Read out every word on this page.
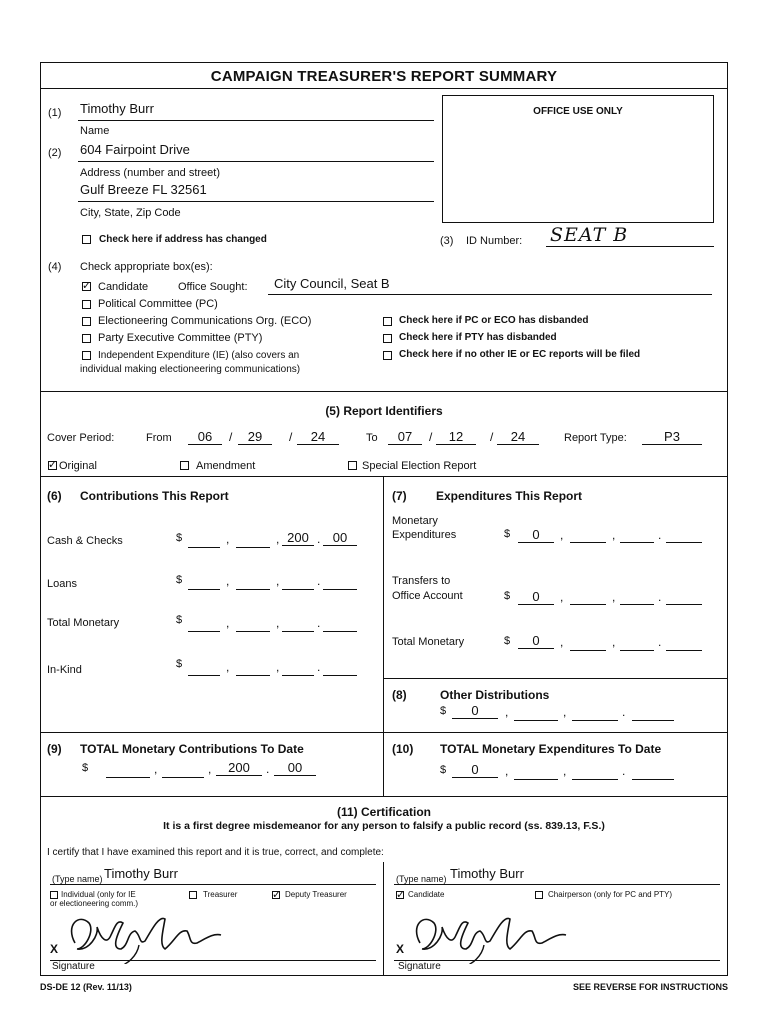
CAMPAIGN TREASURER'S REPORT SUMMARY
OFFICE USE ONLY
(1) Timothy Burr
Name
(2) 604 Fairpoint Drive
Address (number and street)
Gulf Breeze FL 32561
City, State, Zip Code
Check here if address has changed	(3) ID Number: SEAT B
(4) Check appropriate box(es):
✓
Candidate	Office Sought: City Council, Seat B
Political Committee (PC)
Electioneering Communications Org. (ECO)
Party Executive Committee (PTY)
Independent Expenditure (IE) (also covers an
individual making electioneering communications)
Check here if PC or ECO has disbanded
Check here if PTY has disbanded
Check here if no other IE or EC reports will be filed
(5) Report Identifiers
Cover Period:	From	06	/	29	/	24	To	07	/	12	/	24	Report Type:	P3
✓
Original	Amendment	Special Election Report
(6) Contributions This Report
Cash & Checks	$	,	, 200 . 00
Loans	$	,	,	.
Total Monetary	$	,	,	.
In-Kind	$	,	,	.
(7) Expenditures This Report
Monetary
Expenditures	$	0	,	,	.
Transfers to
Office Account	$	0	,	,	.
Total Monetary	$	0	,	,	.
(8)	Other Distributions
$	0	,	,	.
(9) TOTAL Monetary Contributions To Date
$	,	,	200	.	00
(10) TOTAL Monetary Expenditures To Date
$	0	,	,	.
(11) Certification
It is a first degree misdemeanor for any person to falsify a public record (ss. 839.13, F.S.)
I certify that I have examined this report and it is true, correct, and complete:
(Type name) Timothy Burr
Individual (only for IE
or electioneering comm.)
Treasurer
✓	Deputy Treasurer
X
Signature
(Type name) Timothy Burr
✓
Candidate	Chairperson (only for PC and PTY)
X
Signature
DS-DE 12 (Rev. 11/13)	SEE REVERSE FOR INSTRUCTIONS
